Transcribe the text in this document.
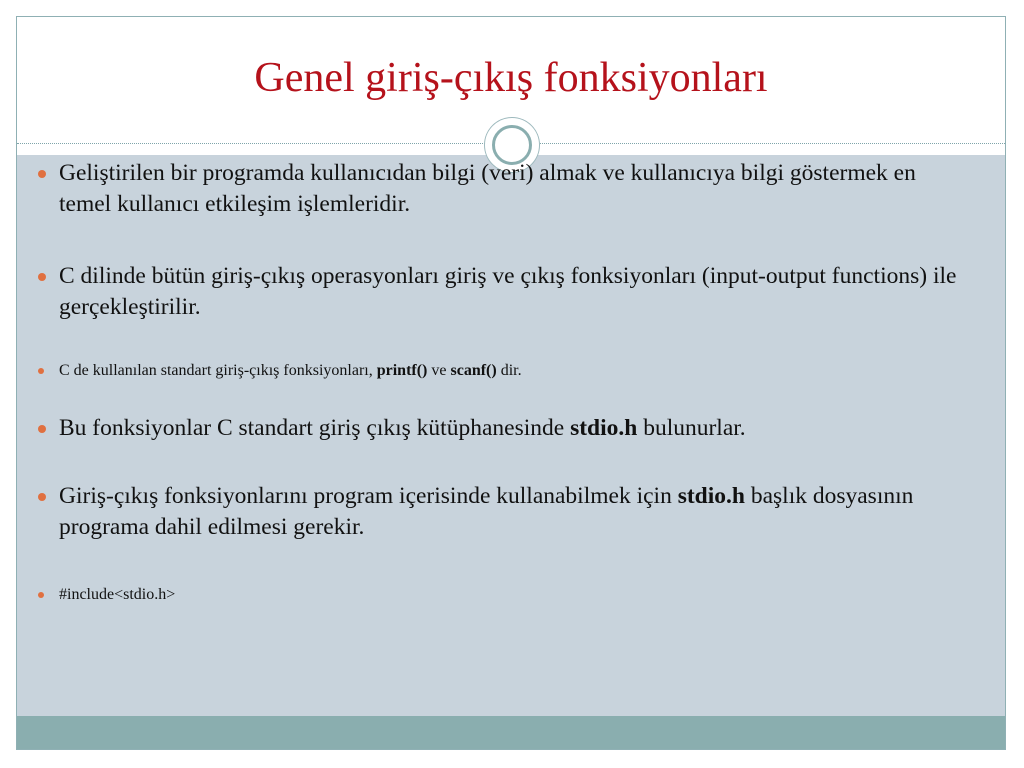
Genel giriş-çıkış fonksiyonları
Geliştirilen bir programda kullanıcıdan bilgi (veri) almak ve kullanıcıya bilgi göstermek en temel kullanıcı etkileşim işlemleridir.
C dilinde bütün giriş-çıkış operasyonları giriş ve çıkış fonksiyonları (input-output functions) ile gerçekleştirilir.
C de kullanılan standart giriş-çıkış fonksiyonları, printf() ve scanf() dir.
Bu fonksiyonlar C standart giriş çıkış kütüphanesinde stdio.h bulunurlar.
Giriş-çıkış fonksiyonlarını program içerisinde kullanabilmek için stdio.h başlık dosyasının programa dahil edilmesi gerekir.
#include<stdio.h>
